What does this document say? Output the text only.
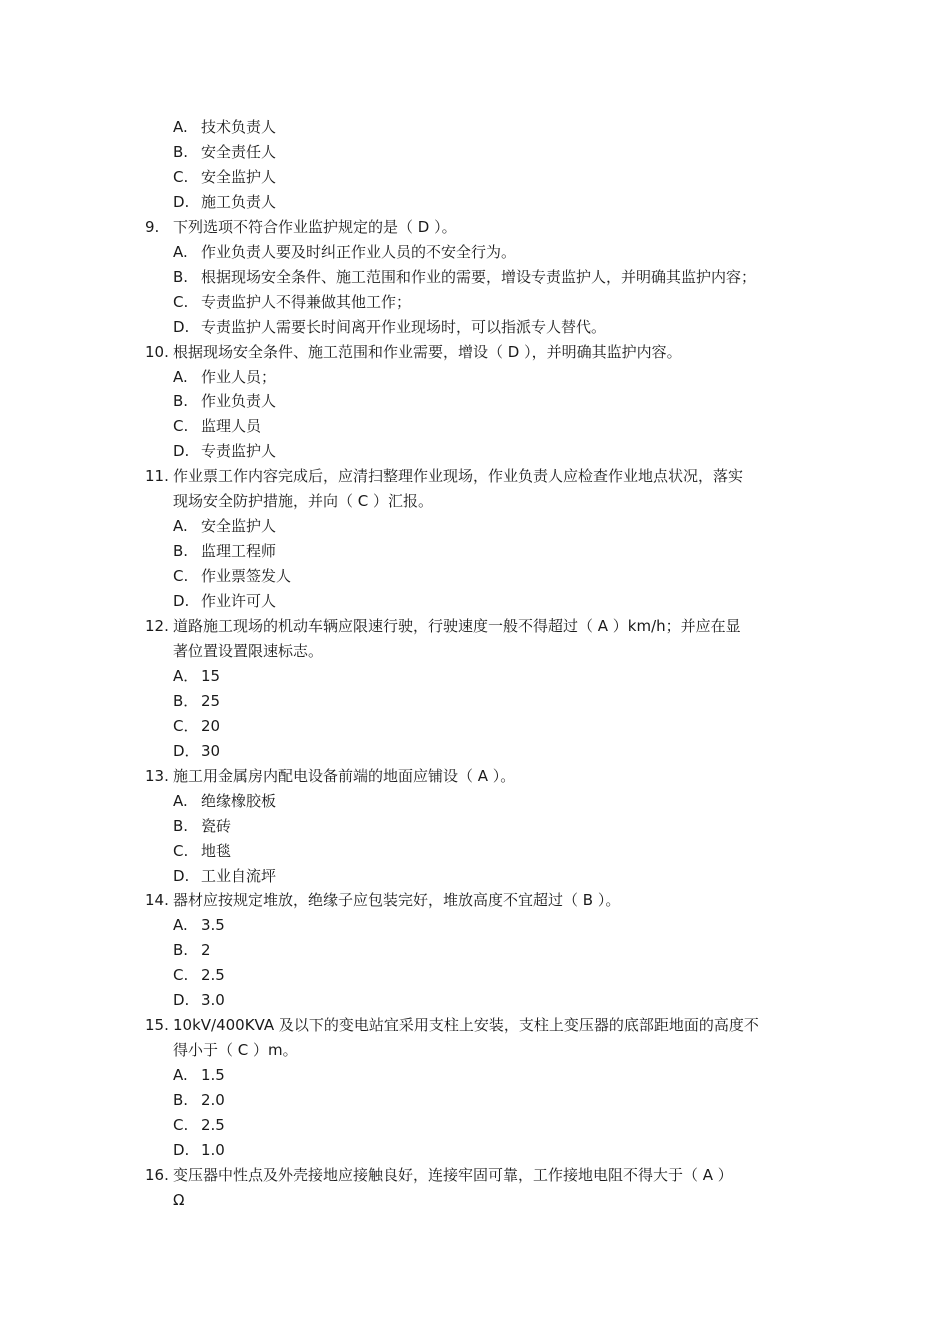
A. 技术负责人
B. 安全责任人
C. 安全监护人
D. 施工负责人
9. 下列选项不符合作业监护规定的是（ D ）。
A. 作业负责人要及时纠正作业人员的不安全行为。
B. 根据现场安全条件、施工范围和作业的需要，增设专责监护人，并明确其监护内容；
C. 专责监护人不得兼做其他工作；
D. 专责监护人需要长时间离开作业现场时，可以指派专人替代。
10. 根据现场安全条件、施工范围和作业需要，增设（ D ），并明确其监护内容。
A. 作业人员；
B. 作业负责人
C. 监理人员
D. 专责监护人
11. 作业票工作内容完成后，应清扫整理作业现场，作业负责人应检查作业地点状况，落实
现场安全防护措施，并向（ C ）汇报。
A. 安全监护人
B. 监理工程师
C. 作业票签发人
D. 作业许可人
12. 道路施工现场的机动车辆应限速行驶，行驶速度一般不得超过（ A ）km/h；并应在显
著位置设置限速标志。
A． 15
B． 25
C． 20
D． 30
13. 施工用金属房内配电设备前端的地面应铺设（ A ）。
A. 绝缘橡胶板
B. 瓷砖
C. 地毯
D. 工业自流坪
14. 器材应按规定堆放，绝缘子应包装完好，堆放高度不宜超过（ B ）。
A. 3.5
B. 2
C. 2.5
D. 3.0
15. 10kV/400KVA 及以下的变电站宜采用支柱上安装，支柱上变压器的底部距地面的高度不
得小于（ C ）m。
A. 1.5
B. 2.0
C. 2.5
D. 1.0
16. 变压器中性点及外壳接地应接触良好，连接牢固可靠，工作接地电阻不得大于（ A ）
Ω
